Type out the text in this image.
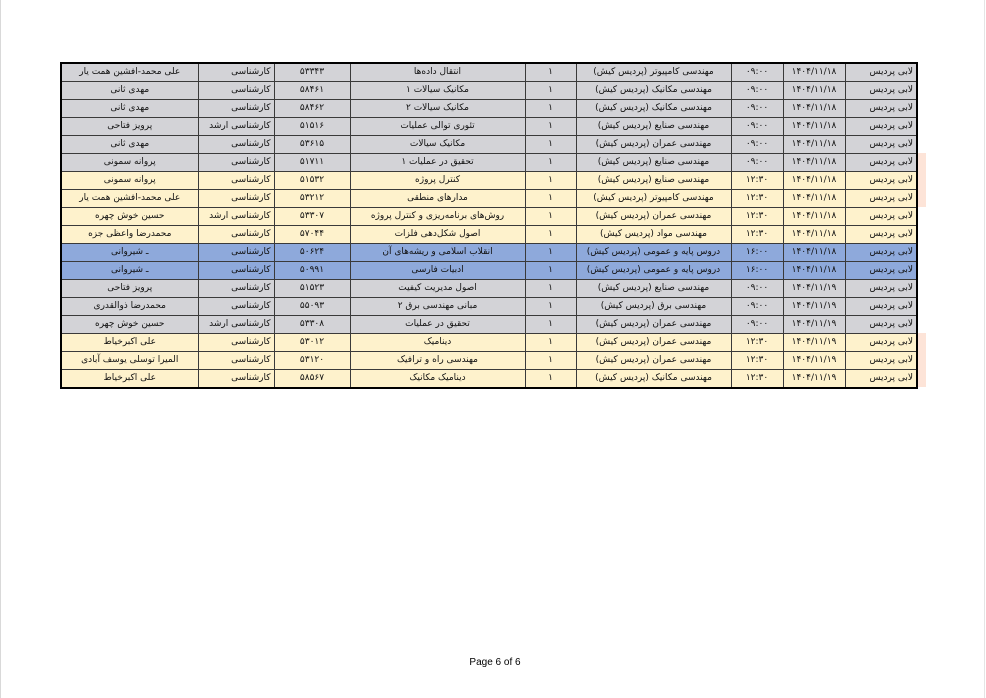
علی محمد-افشین همت یار	کارشناسی	۵۳۳۴۳	انتقال داده‌ها	۱	مهندسی کامپیوتر (پردیس کیش)	۰۹:۰۰	۱۴۰۴/۱۱/۱۸	لابی پردیس
مهدی ثانی	کارشناسی	۵۸۴۶۱	مکانیک سیالات ۱	۱	مهندسی مکانیک (پردیس کیش)	۰۹:۰۰	۱۴۰۴/۱۱/۱۸	لابی پردیس
مهدی ثانی	کارشناسی	۵۸۴۶۲	مکانیک سیالات ۲	۱	مهندسی مکانیک (پردیس کیش)	۰۹:۰۰	۱۴۰۴/۱۱/۱۸	لابی پردیس
پرویز فتاحی	کارشناسی ارشد	۵۱۵۱۶	تئوری توالی عملیات	۱	مهندسی صنایع (پردیس کیش)	۰۹:۰۰	۱۴۰۴/۱۱/۱۸	لابی پردیس
مهدی ثانی	کارشناسی	۵۳۶۱۵	مکانیک سیالات	۱	مهندسی عمران (پردیس کیش)	۰۹:۰۰	۱۴۰۴/۱۱/۱۸	لابی پردیس
پروانه سمونی	کارشناسی	۵۱۷۱۱	تحقیق در عملیات ۱	۱	مهندسی صنایع (پردیس کیش)	۰۹:۰۰	۱۴۰۴/۱۱/۱۸	لابی پردیس
پروانه سمونی	کارشناسی	۵۱۵۳۲	کنترل پروژه	۱	مهندسی صنایع (پردیس کیش)	۱۲:۳۰	۱۴۰۴/۱۱/۱۸	لابی پردیس
علی محمد-افشین همت یار	کارشناسی	۵۳۲۱۲	مدارهای منطقی	۱	مهندسی کامپیوتر (پردیس کیش)	۱۲:۳۰	۱۴۰۴/۱۱/۱۸	لابی پردیس
حسین خوش چهره	کارشناسی ارشد	۵۳۳۰۷	روش‌های برنامه‌ریزی و کنترل پروژه	۱	مهندسی عمران (پردیس کیش)	۱۲:۳۰	۱۴۰۴/۱۱/۱۸	لابی پردیس
محمدرضا واعظی جزه	کارشناسی	۵۷۰۴۴	اصول شکل‌دهی فلزات	۱	مهندسی مواد (پردیس کیش)	۱۲:۳۰	۱۴۰۴/۱۱/۱۸	لابی پردیس
ـ شیروانی	کارشناسی	۵۰۶۲۴	انقلاب اسلامی و ریشه‌های آن	۱	دروس پایه و عمومی (پردیس کیش)	۱۶:۰۰	۱۴۰۴/۱۱/۱۸	لابی پردیس
ـ شیروانی	کارشناسی	۵۰۹۹۱	ادبیات فارسی	۱	دروس پایه و عمومی (پردیس کیش)	۱۶:۰۰	۱۴۰۴/۱۱/۱۸	لابی پردیس
پرویز فتاحی	کارشناسی	۵۱۵۲۳	اصول مدیریت کیفیت	۱	مهندسی صنایع (پردیس کیش)	۰۹:۰۰	۱۴۰۴/۱۱/۱۹	لابی پردیس
محمدرضا ذوالقدری	کارشناسی	۵۵۰۹۳	مبانی مهندسی برق ۲	۱	مهندسی برق (پردیس کیش)	۰۹:۰۰	۱۴۰۴/۱۱/۱۹	لابی پردیس
حسین خوش چهره	کارشناسی ارشد	۵۳۳۰۸	تحقیق در عملیات	۱	مهندسی عمران (پردیس کیش)	۰۹:۰۰	۱۴۰۴/۱۱/۱۹	لابی پردیس
علی اکبرخیاط	کارشناسی	۵۳۰۱۲	دینامیک	۱	مهندسی عمران (پردیس کیش)	۱۲:۳۰	۱۴۰۴/۱۱/۱۹	لابی پردیس
المیرا توسلی یوسف آبادی	کارشناسی	۵۳۱۲۰	مهندسی راه و ترافیک	۱	مهندسی عمران (پردیس کیش)	۱۲:۳۰	۱۴۰۴/۱۱/۱۹	لابی پردیس
علی اکبرخیاط	کارشناسی	۵۸۵۶۷	دینامیک مکانیک	۱	مهندسی مکانیک (پردیس کیش)	۱۲:۳۰	۱۴۰۴/۱۱/۱۹	لابی پردیس
Page 6 of 6
